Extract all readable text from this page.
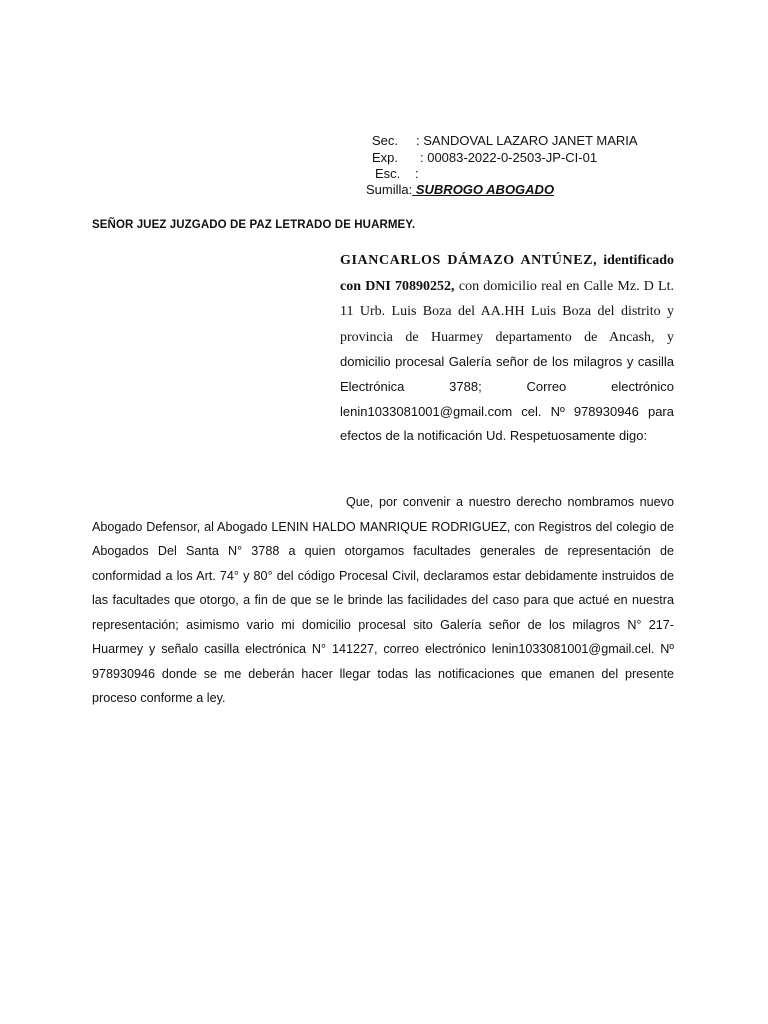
Sec. : SANDOVAL LAZARO JANET MARIA
Exp. : 00083-2022-0-2503-JP-CI-01
Esc. :
Sumilla: SUBROGO ABOGADO
SEÑOR JUEZ JUZGADO DE PAZ LETRADO DE HUARMEY.
GIANCARLOS DÁMAZO ANTÚNEZ, identificado con DNI 70890252, con domicilio real en Calle Mz. D Lt. 11 Urb. Luis Boza del AA.HH Luis Boza del distrito y provincia de Huarmey departamento de Ancash, y domicilio procesal Galería señor de los milagros y casilla Electrónica 3788; Correo electrónico lenin1033081001@gmail.com cel. Nº 978930946 para efectos de la notificación Ud. Respetuosamente digo:
Que, por convenir a nuestro derecho nombramos nuevo Abogado Defensor, al Abogado LENIN HALDO MANRIQUE RODRIGUEZ, con Registros del colegio de Abogados Del Santa N° 3788 a quien otorgamos facultades generales de representación de conformidad a los Art. 74° y 80° del código Procesal Civil, declaramos estar debidamente instruidos de las facultades que otorgo, a fin de que se le brinde las facilidades del caso para que actué en nuestra representación; asimismo vario mi domicilio procesal sito Galería señor de los milagros N° 217- Huarmey y señalo casilla electrónica N° 141227, correo electrónico lenin1033081001@gmail.cel. Nº 978930946 donde se me deberán hacer llegar todas las notificaciones que emanen del presente proceso conforme a ley.
